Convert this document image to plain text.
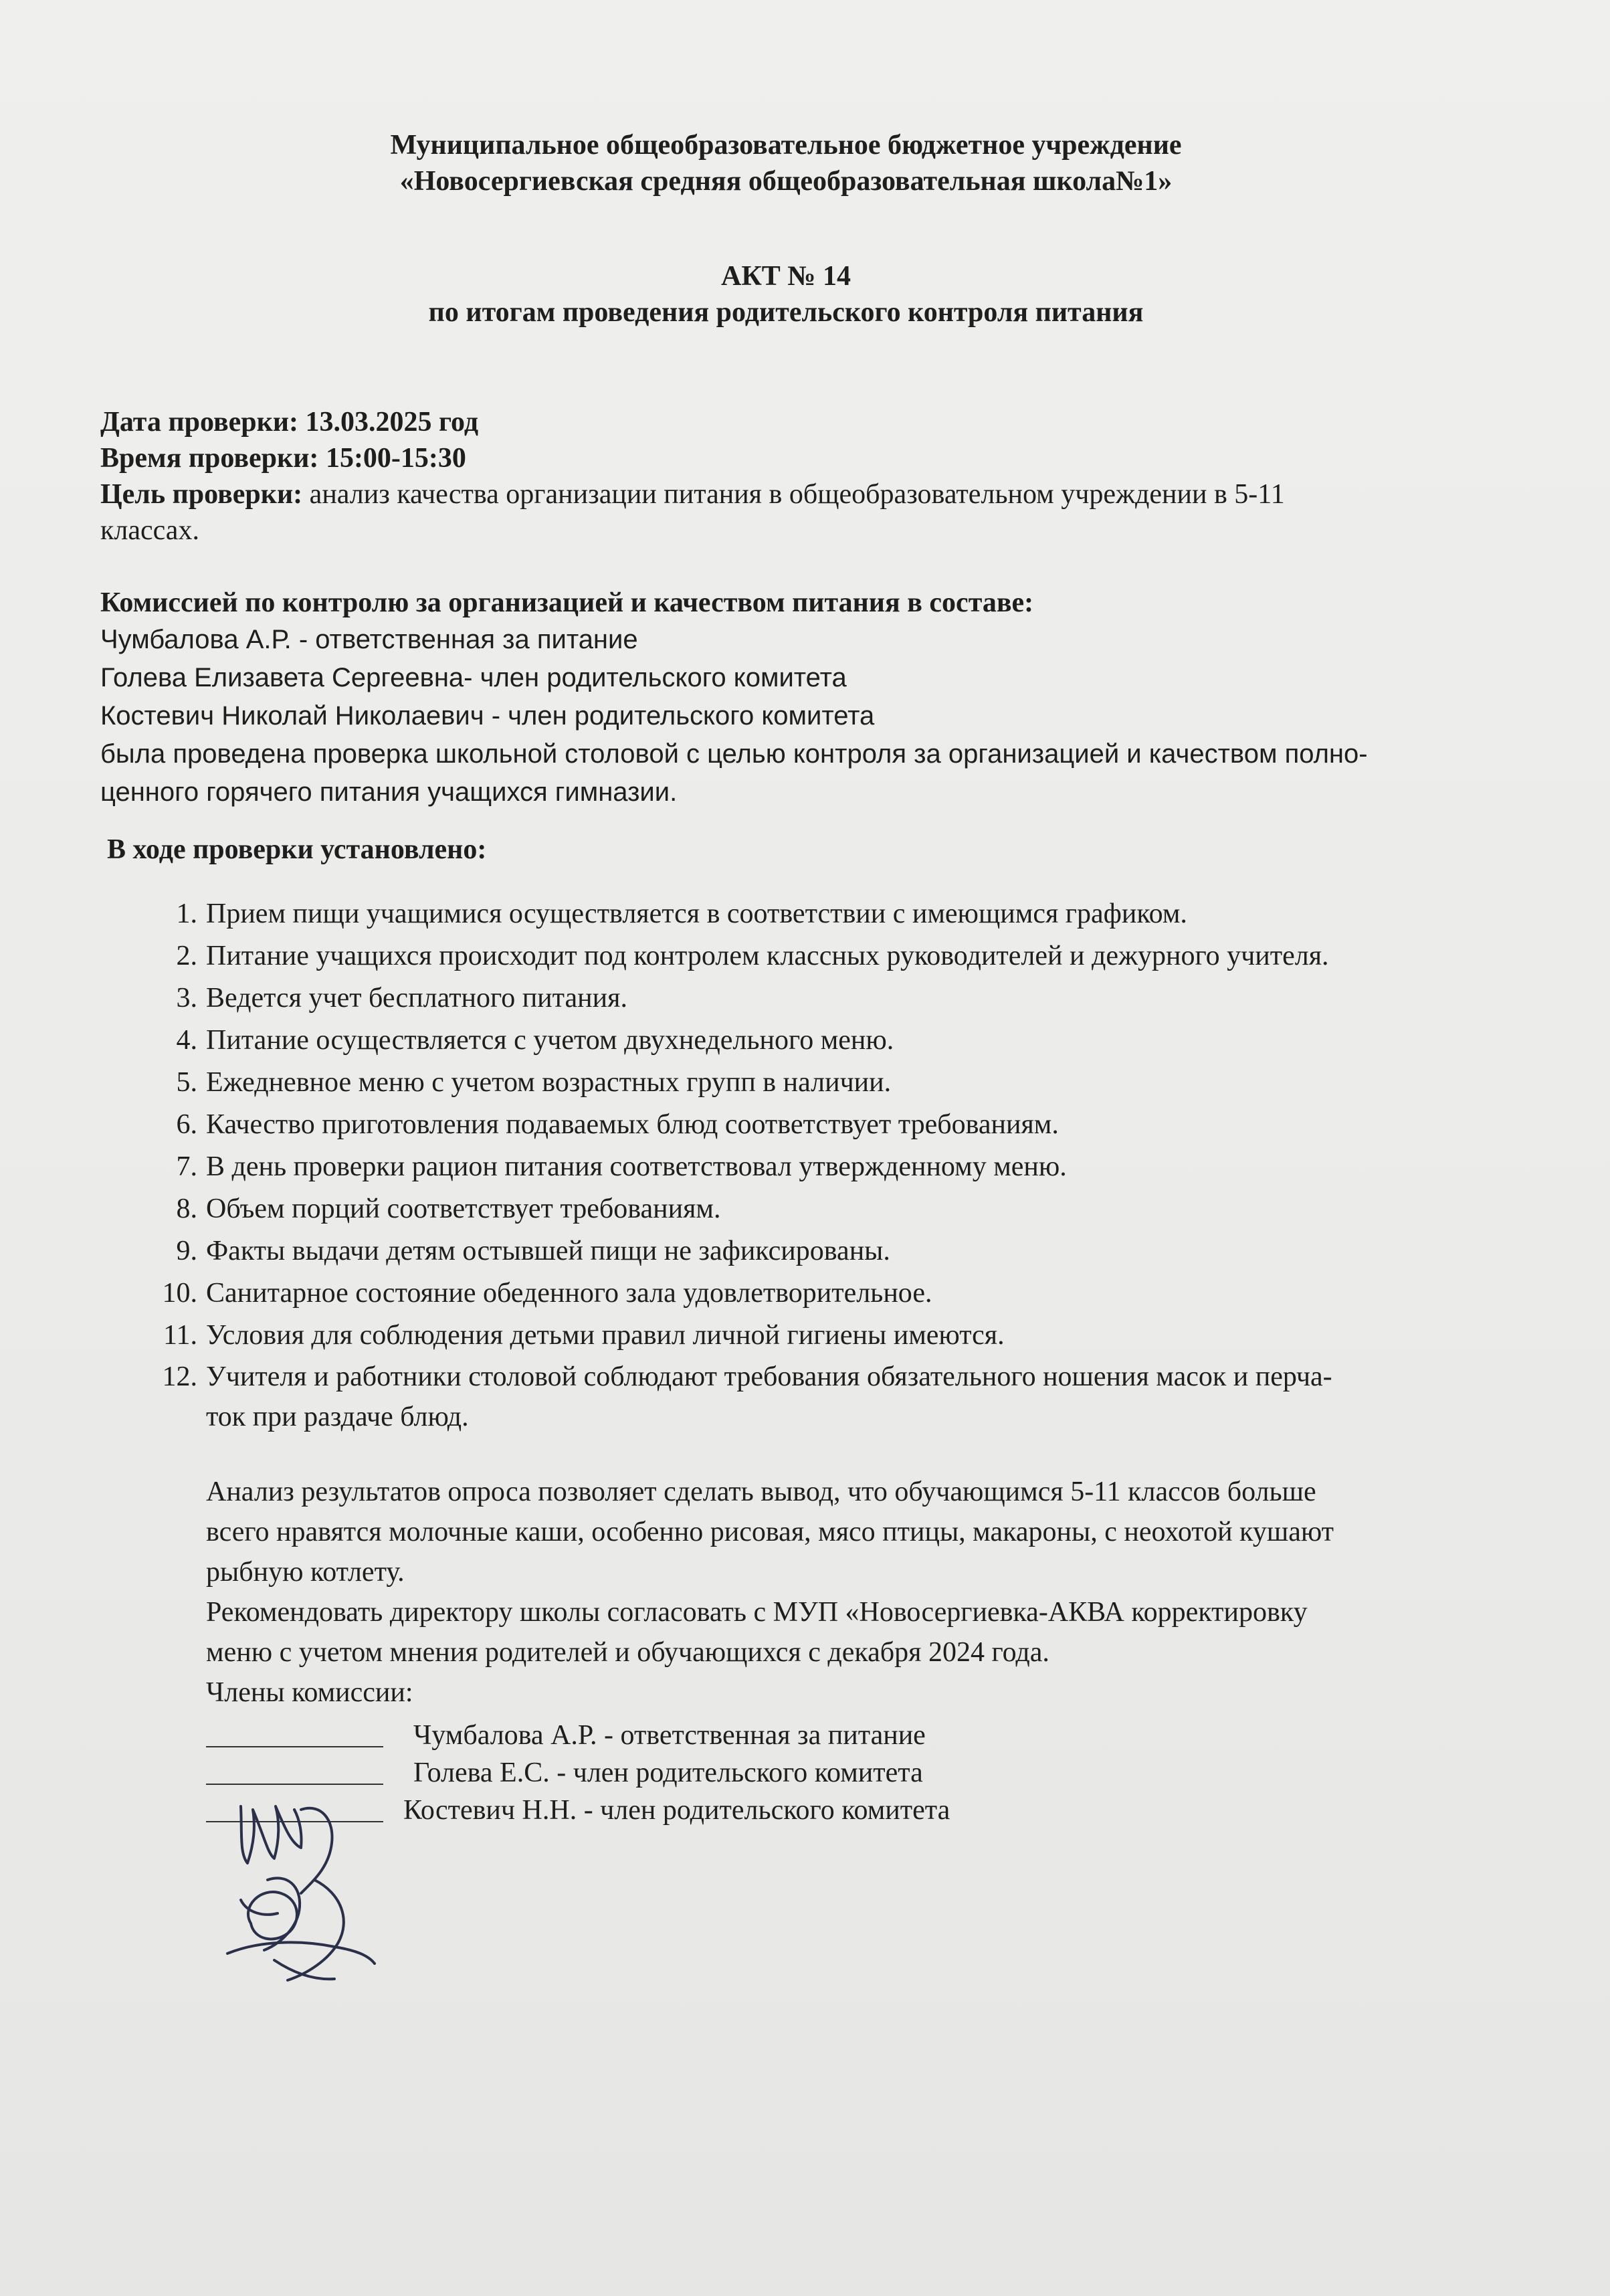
Муниципальное общеобразовательное бюджетное учреждение
«Новосергиевская средняя общеобразовательная школа№1»
АКТ № 14
по итогам проведения родительского контроля питания
Дата проверки: 13.03.2025 год
Время проверки: 15:00-15:30
Цель проверки: анализ качества организации питания в общеобразовательном учреждении в 5-11
классах.
Комиссией по контролю за организацией и качеством питания в составе:
Чумбалова А.Р. - ответственная за питание
Голева Елизавета Сергеевна- член родительского комитета
Костевич Николай Николаевич - член родительского комитета
была проведена проверка школьной столовой с целью контроля за организацией и качеством полно-
ценного горячего питания учащихся гимназии.
В ходе проверки установлено:
1. Прием пищи учащимися осуществляется в соответствии с имеющимся графиком.
2. Питание учащихся происходит под контролем классных руководителей и дежурного учителя.
3. Ведется учет бесплатного питания.
4. Питание осуществляется с учетом двухнедельного меню.
5. Ежедневное меню с учетом возрастных групп в наличии.
6. Качество приготовления подаваемых блюд соответствует требованиям.
7. В день проверки рацион питания соответствовал утвержденному меню.
8. Объем порций соответствует требованиям.
9. Факты выдачи детям остывшей пищи не зафиксированы.
10. Санитарное состояние обеденного зала удовлетворительное.
11. Условия для соблюдения детьми правил личной гигиены имеются.
12. Учителя и работники столовой соблюдают требования обязательного ношения масок и перча-
ток при раздаче блюд.
Анализ результатов опроса позволяет сделать вывод, что обучающимся 5-11 классов больше
всего нравятся молочные каши, особенно рисовая, мясо птицы, макароны, с неохотой кушают
рыбную котлету.
Рекомендовать директору школы согласовать с МУП «Новосергиевка-АКВА корректировку
меню с учетом мнения родителей и обучающихся с декабря 2024 года.
Члены комиссии:
Чумбалова А.Р. - ответственная за питание
Голева Е.С. - член родительского комитета
Костевич Н.Н. - член родительского комитета
